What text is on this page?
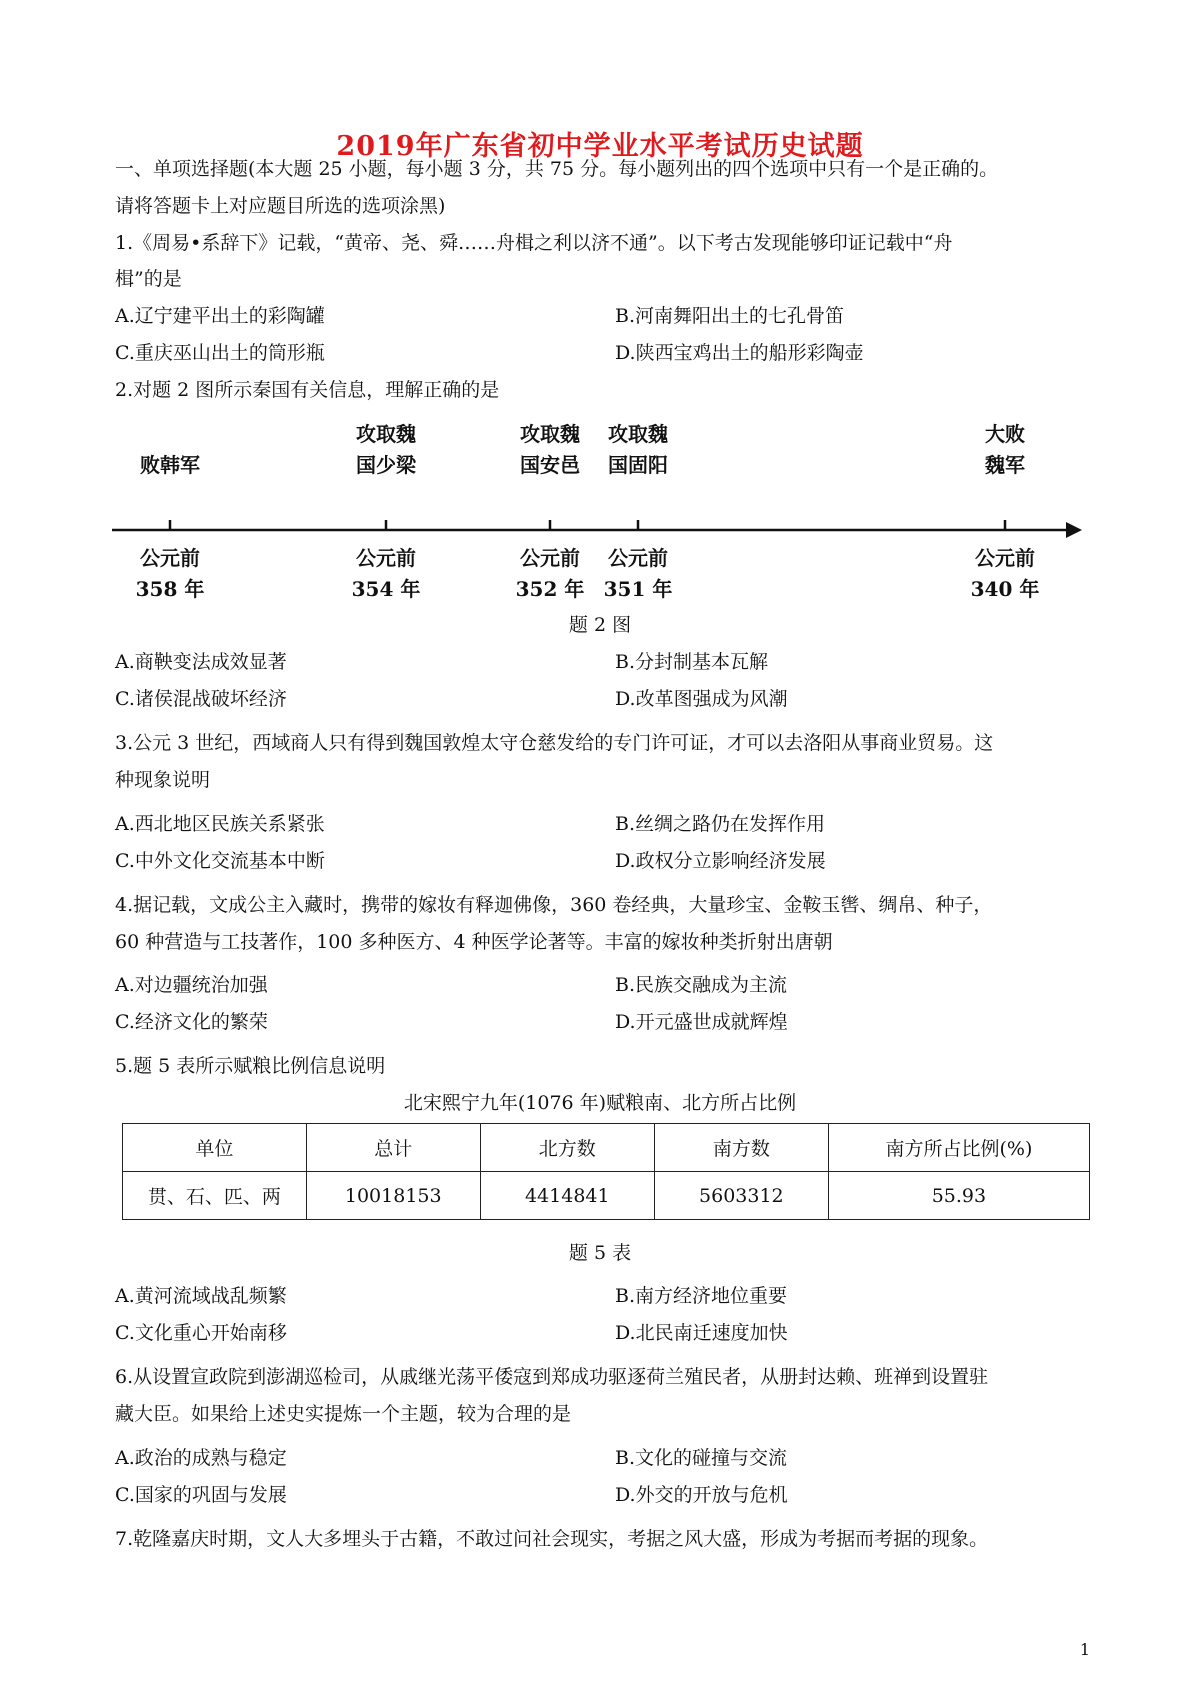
2019年广东省初中学业水平考试历史试题
一、单项选择题(本大题 25 小题，每小题 3 分，共 75 分。每小题列出的四个选项中只有一个是正确的。
请将答题卡上对应题目所选的选项涂黑)
1.《周易•系辞下》记载，“黄帝、尧、舜……舟楫之利以济不通”。以下考古发现能够印证记载中“舟
楫”的是
A.辽宁建平出土的彩陶罐	B.河南舞阳出土的七孔骨笛
C.重庆巫山出土的筒形瓶	D.陕西宝鸡出土的船形彩陶壶
2.对题 2 图所示秦国有关信息，理解正确的是
败韩军
公元前
358 年
攻取魏
国少梁
公元前
354 年
攻取魏
国安邑
公元前
352 年
攻取魏
国固阳
公元前
351 年
大败
魏军
公元前
340 年
题 2 图
A.商鞅变法成效显著	B.分封制基本瓦解
C.诸侯混战破坏经济	D.改革图强成为风潮
3.公元 3 世纪，西域商人只有得到魏国敦煌太守仓慈发给的专门许可证，才可以去洛阳从事商业贸易。这
种现象说明
A.西北地区民族关系紧张	B.丝绸之路仍在发挥作用
C.中外文化交流基本中断	D.政权分立影响经济发展
4.据记载，文成公主入藏时，携带的嫁妆有释迦佛像，360 卷经典，大量珍宝、金鞍玉辔、绸帛、种子，
60 种营造与工技著作，100 多种医方、4 种医学论著等。丰富的嫁妆种类折射出唐朝
A.对边疆统治加强	B.民族交融成为主流
C.经济文化的繁荣	D.开元盛世成就辉煌
5.题 5 表所示赋粮比例信息说明
北宋熙宁九年(1076 年)赋粮南、北方所占比例
单位	总计	北方数	南方数	南方所占比例(%)
贯、石、匹、两	10018153	4414841	5603312	55.93
题 5 表
A.黄河流域战乱频繁	B.南方经济地位重要
C.文化重心开始南移	D.北民南迁速度加快
6.从设置宣政院到澎湖巡检司，从戚继光荡平倭寇到郑成功驱逐荷兰殖民者，从册封达赖、班禅到设置驻
藏大臣。如果给上述史实提炼一个主题，较为合理的是
A.政治的成熟与稳定	B.文化的碰撞与交流
C.国家的巩固与发展	D.外交的开放与危机
7.乾隆嘉庆时期，文人大多埋头于古籍，不敢过问社会现实，考据之风大盛，形成为考据而考据的现象。
1
